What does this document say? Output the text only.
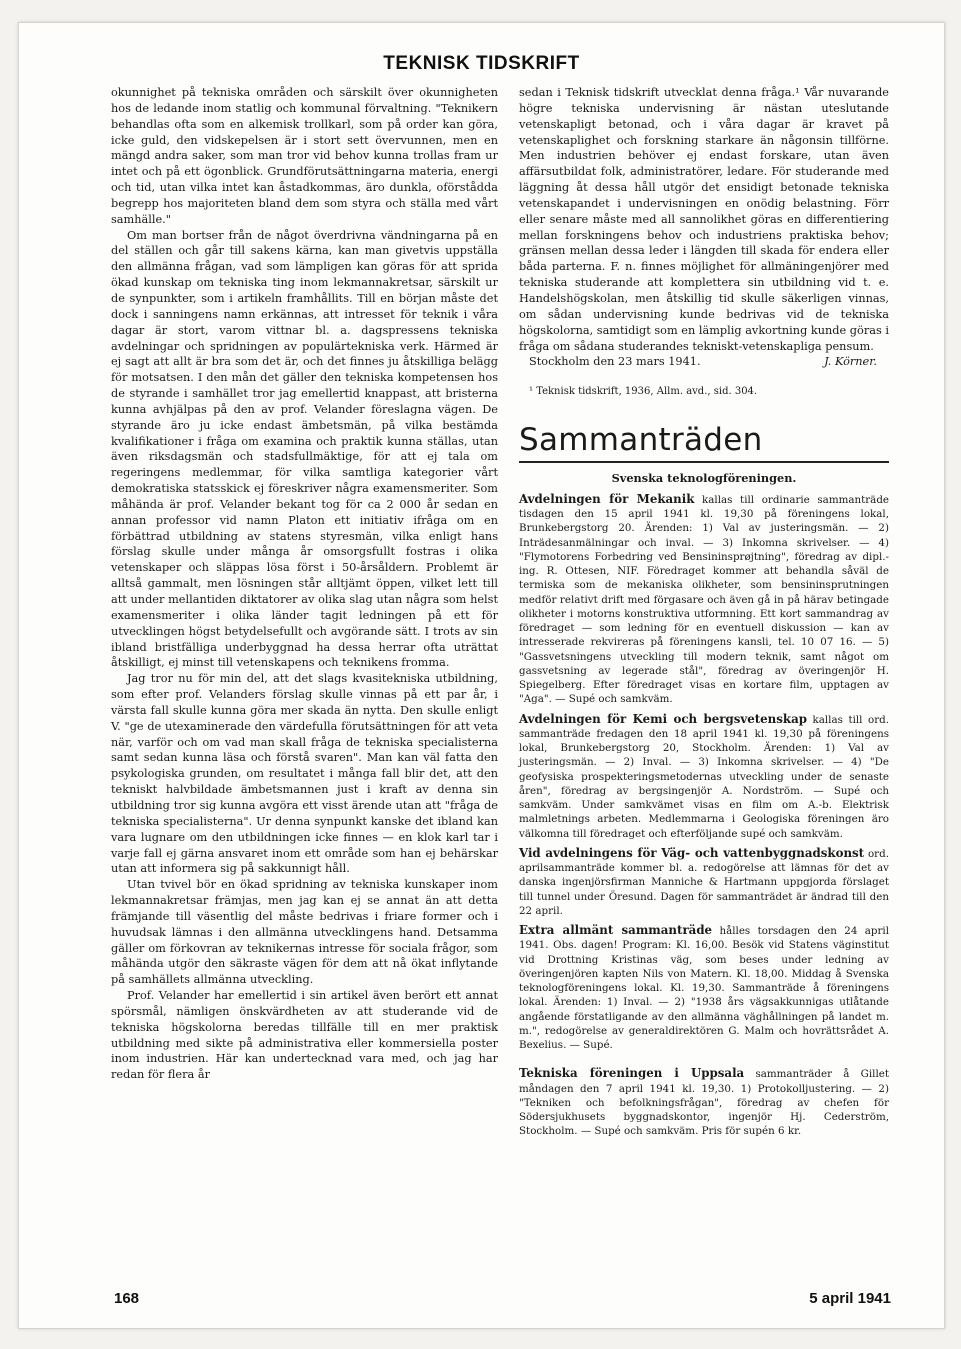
TEKNISK TIDSKRIFT

okunnighet på tekniska områden och särskilt över okunnigheten hos de ledande inom statlig och kommunal förvaltning. "Teknikern behandlas ofta som en alkemisk trollkarl, som på order kan göra, icke guld, den vidskepelsen är i stort sett övervunnen, men en mängd andra saker, som man tror vid behov kunna trollas fram ur intet och på ett ögonblick. Grundförutsättningarna materia, energi och tid, utan vilka intet kan åstadkommas, äro dunkla, oförstådda begrepp hos majoriteten bland dem som styra och ställa med vårt samhälle."

Om man bortser från de något överdrivna vändningarna på en del ställen och går till sakens kärna, kan man givetvis uppställa den allmänna frågan, vad som lämpligen kan göras för att sprida ökad kunskap om tekniska ting inom lekmannakretsar, särskilt ur de synpunkter, som i artikeln framhållits. Till en början måste det dock i sanningens namn erkännas, att intresset för teknik i våra dagar är stort, varom vittnar bl. a. dagspressens tekniska avdelningar och spridningen av populärtekniska verk. Härmed är ej sagt att allt är bra som det är, och det finnes ju åtskilliga belägg för motsatsen. I den mån det gäller den tekniska kompetensen hos de styrande i samhället tror jag emellertid knappast, att bristerna kunna avhjälpas på den av prof. Velander föreslagna vägen. De styrande äro ju icke endast ämbetsmän, på vilka bestämda kvalifikationer i fråga om examina och praktik kunna ställas, utan även riksdagsmän och stadsfullmäktige, för att ej tala om regeringens medlemmar, för vilka samtliga kategorier vårt demokratiska statsskick ej föreskriver några examensmeriter. Som måhända är prof. Velander bekant tog för ca 2 000 år sedan en annan professor vid namn Platon ett initiativ ifråga om en förbättrad utbildning av statens styresmän, vilka enligt hans förslag skulle under många år omsorgsfullt fostras i olika vetenskaper och släppas lösa först i 50-årsåldern. Problemt är alltså gammalt, men lösningen står alltjämt öppen, vilket lett till att under mellantiden diktatorer av olika slag utan några som helst examensmeriter i olika länder tagit ledningen på ett för utvecklingen högst betydelsefullt och avgörande sätt. I trots av sin ibland bristfälliga underbyggnad ha dessa herrar ofta uträttat åtskilligt, ej minst till vetenskapens och teknikens fromma.

Jag tror nu för min del, att det slags kvasitekniska utbildning, som efter prof. Velanders förslag skulle vinnas på ett par år, i värsta fall skulle kunna göra mer skada än nytta. Den skulle enligt V. "ge de utexaminerade den värdefulla förutsättningen för att veta när, varför och om vad man skall fråga de tekniska specialisterna samt sedan kunna läsa och förstå svaren". Man kan väl fatta den psykologiska grunden, om resultatet i många fall blir det, att den tekniskt halvbildade ämbetsmannen just i kraft av denna sin utbildning tror sig kunna avgöra ett visst ärende utan att "fråga de tekniska specialisterna". Ur denna synpunkt kanske det ibland kan vara lugnare om den utbildningen icke finnes — en klok karl tar i varje fall ej gärna ansvaret inom ett område som han ej behärskar utan att informera sig på sakkunnigt håll.

Utan tvivel bör en ökad spridning av tekniska kunskaper inom lekmannakretsar främjas, men jag kan ej se annat än att detta främjande till väsentlig del måste bedrivas i friare former och i huvudsak lämnas i den allmänna utvecklingens hand. Detsamma gäller om förkovran av teknikernas intresse för sociala frågor, som måhända utgör den säkraste vägen för dem att nå ökat inflytande på samhällets allmänna utveckling.

Prof. Velander har emellertid i sin artikel även berört ett annat spörsmål, nämligen önskvärdheten av att studerande vid de tekniska högskolorna beredas tillfälle till en mer praktisk utbildning med sikte på administrativa eller kommersiella poster inom industrien. Här kan undertecknad vara med, och jag har redan för flera år

sedan i Teknisk tidskrift utvecklat denna fråga.¹ Vår nuvarande högre tekniska undervisning är nästan uteslutande vetenskapligt betonad, och i våra dagar är kravet på vetenskaplighet och forskning starkare än någonsin tillförne. Men industrien behöver ej endast forskare, utan även affärsutbildat folk, administratörer, ledare. För studerande med läggning åt dessa håll utgör det ensidigt betonade tekniska vetenskapandet i undervisningen en onödig belastning. Förr eller senare måste med all sannolikhet göras en differentiering mellan forskningens behov och industriens praktiska behov; gränsen mellan dessa leder i längden till skada för endera eller båda parterna. F. n. finnes möjlighet för allmäningenjörer med tekniska studerande att komplettera sin utbildning vid t. e. Handelshögskolan, men åtskillig tid skulle säkerligen vinnas, om sådan undervisning kunde bedrivas vid de tekniska högskolorna, samtidigt som en lämplig avkortning kunde göras i fråga om sådana studerandes tekniskt-vetenskapliga pensum.

Stockholm den 23 mars 1941.	J. Körner.

¹ Teknisk tidskrift, 1936, Allm. avd., sid. 304.

Sammanträden

Svenska teknologföreningen.

Avdelningen för Mekanik kallas till ordinarie sammanträde tisdagen den 15 april 1941 kl. 19,30 på föreningens lokal, Brunkebergstorg 20. Ärenden: 1) Val av justeringsmän. — 2) Inträdesanmälningar och inval. — 3) Inkomna skrivelser. — 4) "Flymotorens Forbedring ved Bensininsprøjtning", föredrag av dipl.-ing. R. Ottesen, NIF. Föredraget kommer att behandla såväl de termiska som de mekaniska olikheter, som bensininsprutningen medför relativt drift med förgasare och även gå in på härav betingade olikheter i motorns konstruktiva utformning. Ett kort sammandrag av föredraget — som ledning för en eventuell diskussion — kan av intresserade rekvireras på föreningens kansli, tel. 10 07 16. — 5) "Gassvetsningens utveckling till modern teknik, samt något om gassvetsning av legerade stål", föredrag av överingenjör H. Spiegelberg. Efter föredraget visas en kortare film, upptagen av "Aga". — Supé och samkväm.

Avdelningen för Kemi och bergsvetenskap kallas till ord. sammanträde fredagen den 18 april 1941 kl. 19,30 på föreningens lokal, Brunkebergstorg 20, Stockholm. Ärenden: 1) Val av justeringsmän. — 2) Inval. — 3) Inkomna skrivelser. — 4) "De geofysiska prospekteringsmetodernas utveckling under de senaste åren", föredrag av bergsingenjör A. Nordström. — Supé och samkväm. Under samkvämet visas en film om A.-b. Elektrisk malmletnings arbeten. Medlemmarna i Geologiska föreningen äro välkomna till föredraget och efterföljande supé och samkväm.

Vid avdelningens för Väg- och vattenbyggnadskonst ord. aprilsammanträde kommer bl. a. redogörelse att lämnas för det av danska ingenjörsfirman Manniche & Hartmann uppgjorda förslaget till tunnel under Öresund. Dagen för sammanträdet är ändrad till den 22 april.

Extra allmänt sammanträde hålles torsdagen den 24 april 1941. Obs. dagen! Program: Kl. 16,00. Besök vid Statens väginstitut vid Drottning Kristinas väg, som beses under ledning av överingenjören kapten Nils von Matern. Kl. 18,00. Middag å Svenska teknologföreningens lokal. Kl. 19,30. Sammanträde å föreningens lokal. Ärenden: 1) Inval. — 2) "1938 års vägsakkunnigas utlåtande angående förstatligande av den allmänna väghållningen på landet m. m.", redogörelse av generaldirektören G. Malm och hovrättsrådet A. Bexelius. — Supé.

Tekniska föreningen i Uppsala sammanträder å Gillet måndagen den 7 april 1941 kl. 19,30. 1) Protokolljustering. — 2) "Tekniken och befolkningsfrågan", föredrag av chefen för Södersjukhusets byggnadskontor, ingenjör Hj. Cederström, Stockholm. — Supé och samkväm. Pris för supén 6 kr.

168	5 april 1941
